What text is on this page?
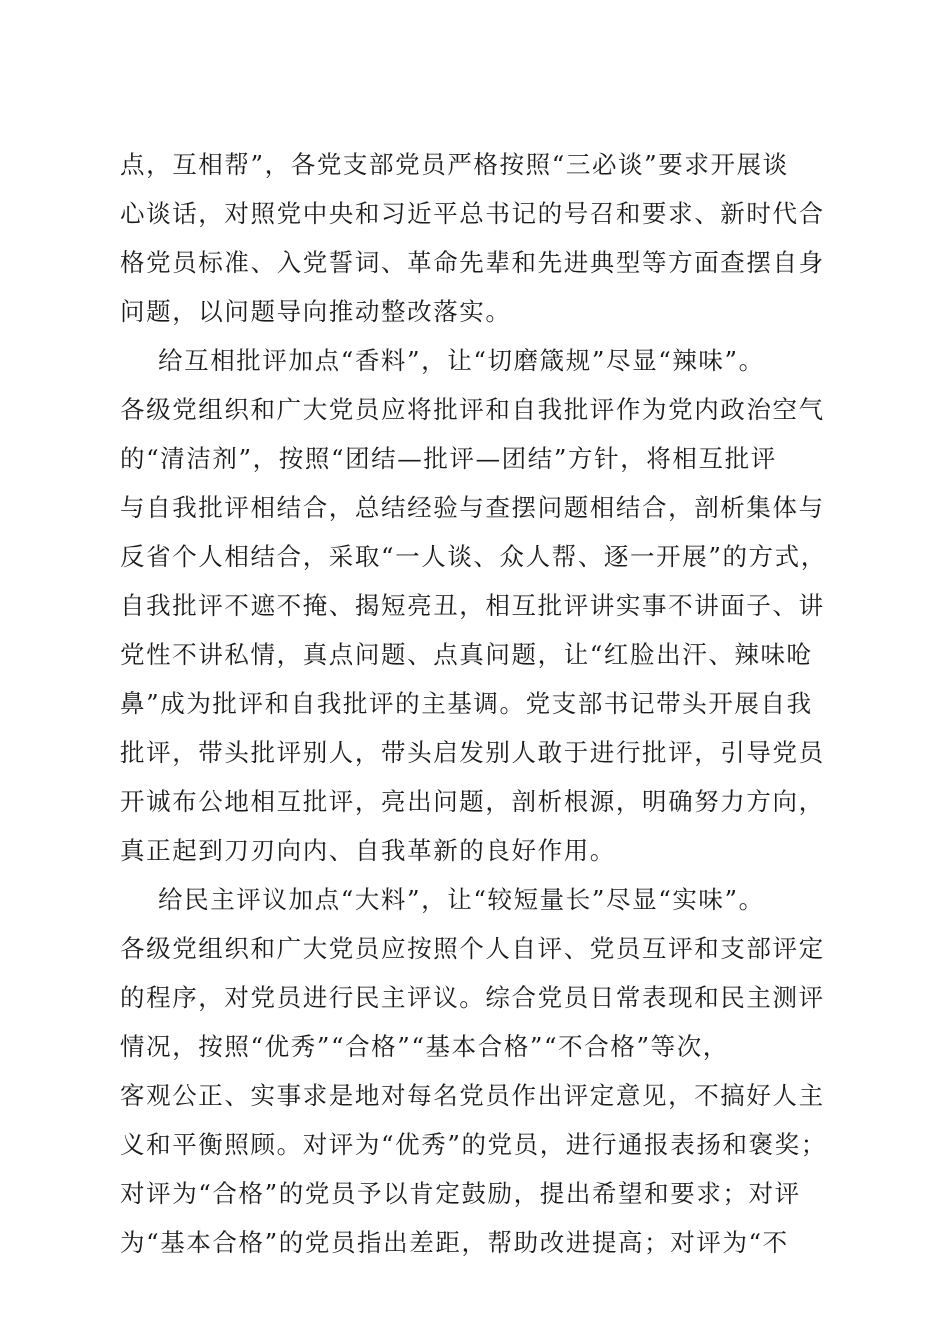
点，互相帮”，各党支部党员严格按照“三必谈”要求开展谈
心谈话，对照党中央和习近平总书记的号召和要求、新时代合
格党员标准、入党誓词、革命先辈和先进典型等方面查摆自身
问题，以问题导向推动整改落实。
给互相批评加点“香料”，让“切磨箴规”尽显“辣味”。
各级党组织和广大党员应将批评和自我批评作为党内政治空气
的“清洁剂”，按照“团结—批评—团结”方针，将相互批评
与自我批评相结合，总结经验与查摆问题相结合，剖析集体与
反省个人相结合，采取“一人谈、众人帮、逐一开展”的方式，
自我批评不遮不掩、揭短亮丑，相互批评讲实事不讲面子、讲
党性不讲私情，真点问题、点真问题，让“红脸出汗、辣味呛
鼻”成为批评和自我批评的主基调。党支部书记带头开展自我
批评，带头批评别人，带头启发别人敢于进行批评，引导党员
开诚布公地相互批评，亮出问题，剖析根源，明确努力方向，
真正起到刀刃向内、自我革新的良好作用。
给民主评议加点“大料”，让“较短量长”尽显“实味”。
各级党组织和广大党员应按照个人自评、党员互评和支部评定
的程序，对党员进行民主评议。综合党员日常表现和民主测评
情况，按照“优秀”“合格”“基本合格”“不合格”等次，
客观公正、实事求是地对每名党员作出评定意见，不搞好人主
义和平衡照顾。对评为“优秀”的党员，进行通报表扬和褒奖；
对评为“合格”的党员予以肯定鼓励，提出希望和要求；对评
为“基本合格”的党员指出差距，帮助改进提高；对评为“不
